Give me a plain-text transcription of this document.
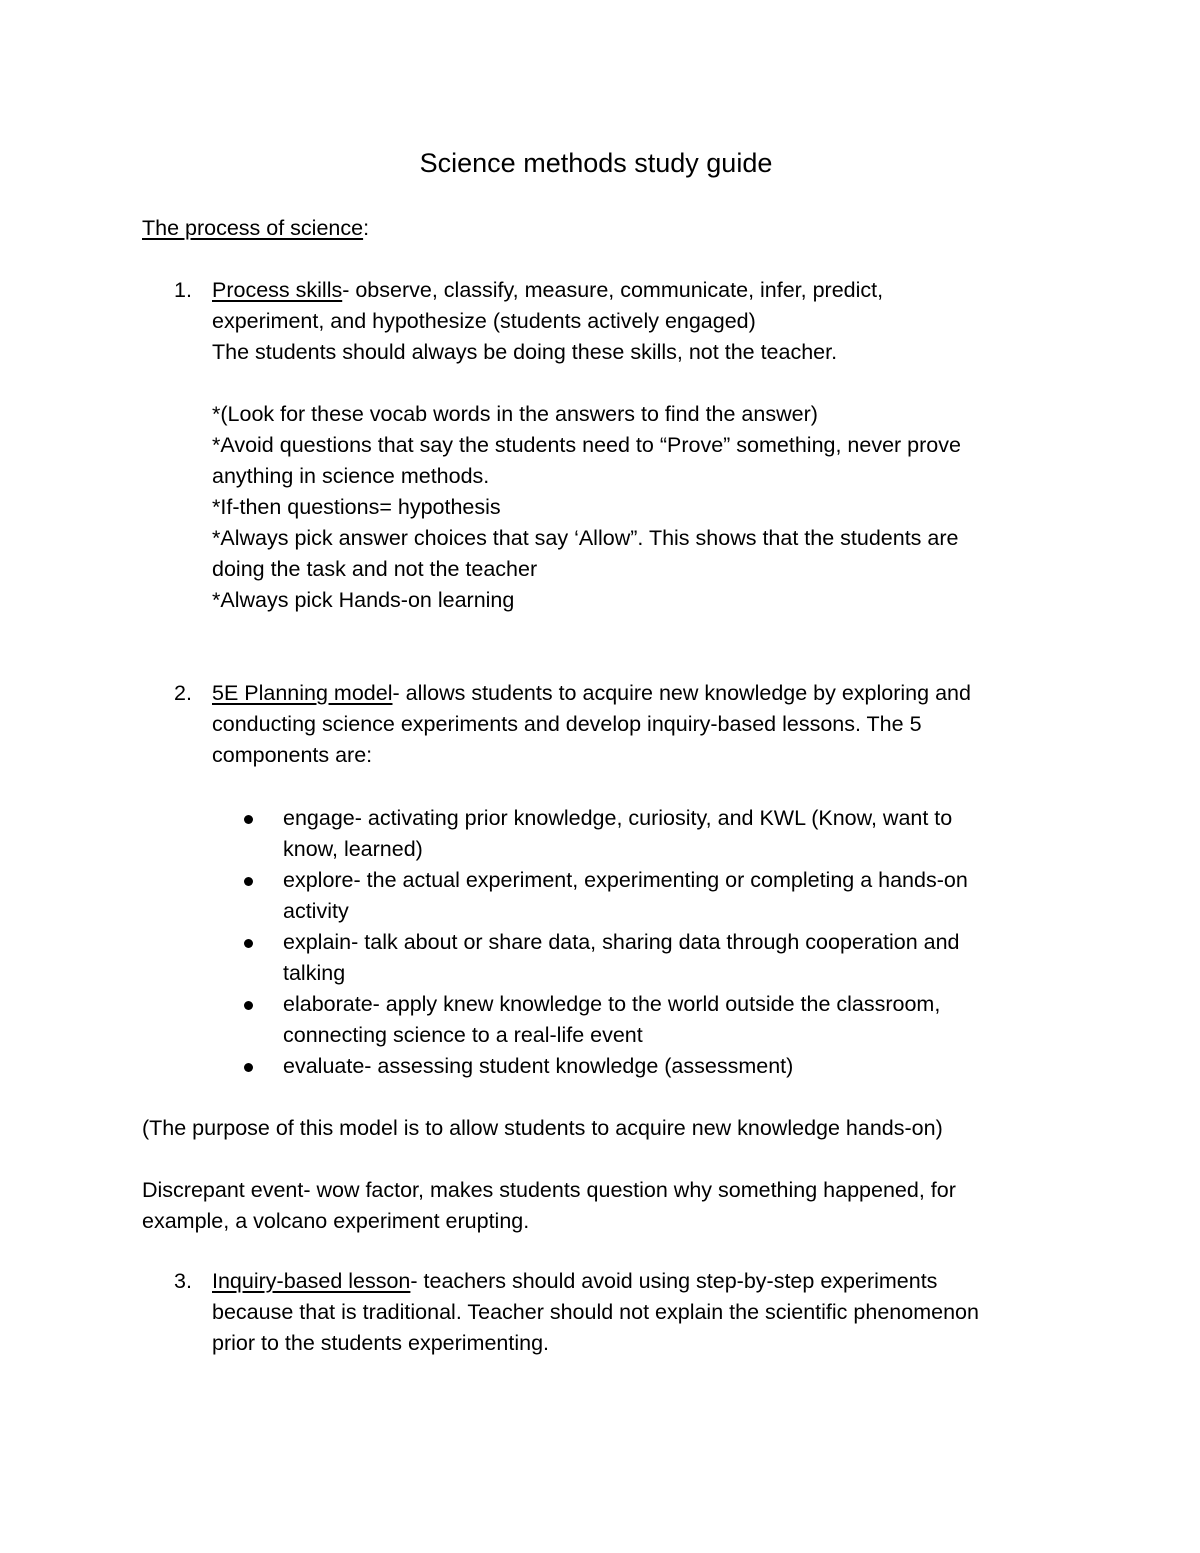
Science methods study guide
The process of science:
1. Process skills- observe, classify, measure, communicate, infer, predict,
experiment, and hypothesize (students actively engaged)
The students should always be doing these skills, not the teacher.
*(Look for these vocab words in the answers to find the answer)
*Avoid questions that say the students need to “Prove” something, never prove
anything in science methods.
*If-then questions= hypothesis
*Always pick answer choices that say ‘Allow”. This shows that the students are
doing the task and not the teacher
*Always pick Hands-on learning
2. 5E Planning model- allows students to acquire new knowledge by exploring and
conducting science experiments and develop inquiry-based lessons. The 5
components are:
engage- activating prior knowledge, curiosity, and KWL (Know, want to
know, learned)
explore- the actual experiment, experimenting or completing a hands-on
activity
explain- talk about or share data, sharing data through cooperation and
talking
elaborate- apply knew knowledge to the world outside the classroom,
connecting science to a real-life event
evaluate- assessing student knowledge (assessment)
(The purpose of this model is to allow students to acquire new knowledge hands-on)
Discrepant event- wow factor, makes students question why something happened, for
example, a volcano experiment erupting.
3. Inquiry-based lesson- teachers should avoid using step-by-step experiments
because that is traditional. Teacher should not explain the scientific phenomenon
prior to the students experimenting.
